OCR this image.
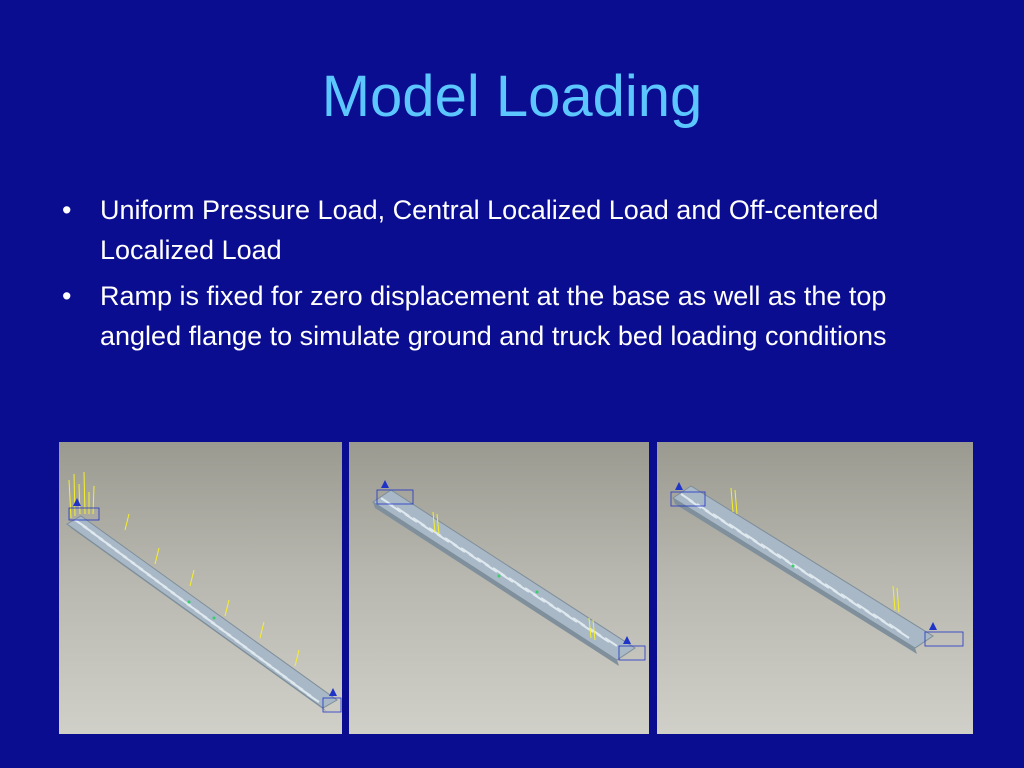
Model Loading
•	Uniform Pressure Load, Central Localized Load and Off-centered Localized Load
•	Ramp is fixed for zero displacement at the base as well as the top angled flange to simulate ground and truck bed loading conditions
